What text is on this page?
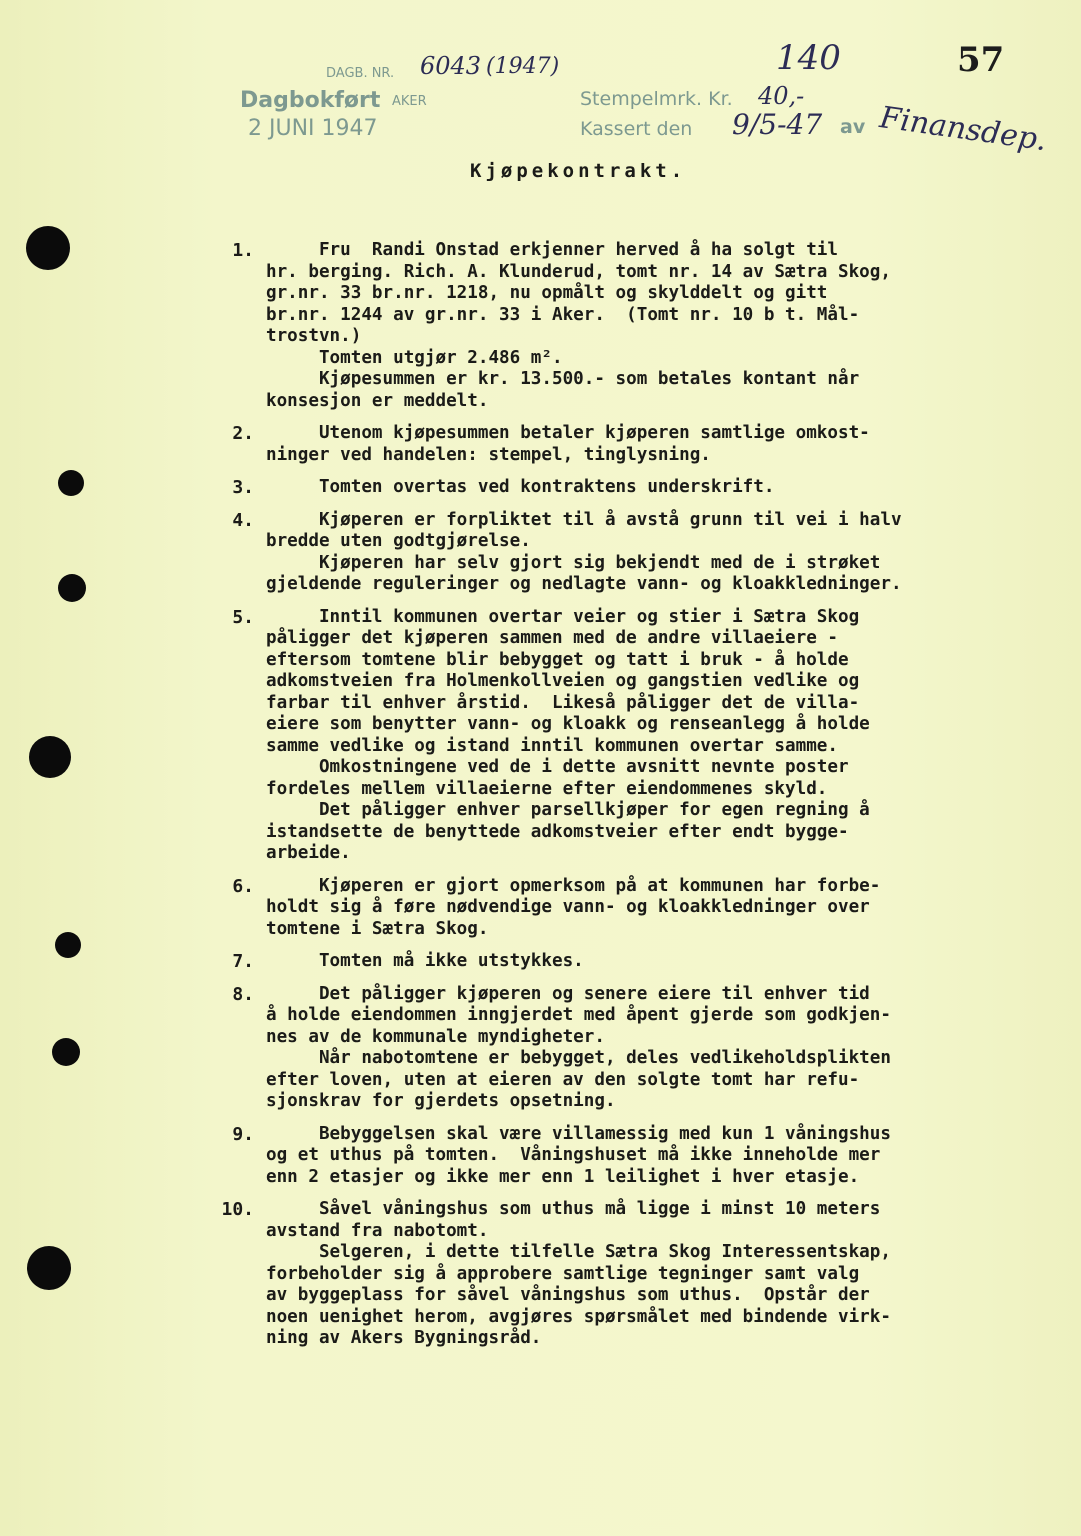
DAGB. NR. 6043 (1947)
Dagbokført AKER
2 JUNI 1947
Stempelmrk. Kr. 40,-
140
Kassert den 9/5-47 av Finansdep.
57
Kjøpekontrakt.
1. Fru  Randi Onstad erkjenner herved å ha solgt til
hr. berging. Rich. A. Klunderud, tomt nr. 14 av Sætra Skog,
gr.nr. 33 br.nr. 1218, nu opmålt og skylddelt og gitt
br.nr. 1244 av gr.nr. 33 i Aker.  (Tomt nr. 10 b t. Mål-
trostvn.)
Tomten utgjør 2.486 m².
Kjøpesummen er kr. 13.500.- som betales kontant når
konsesjon er meddelt.
2. Utenom kjøpesummen betaler kjøperen samtlige omkost-
ninger ved handelen: stempel, tinglysning.
3. Tomten overtas ved kontraktens underskrift.
4. Kjøperen er forpliktet til å avstå grunn til vei i halv
bredde uten godtgjørelse.
Kjøperen har selv gjort sig bekjendt med de i strøket
gjeldende reguleringer og nedlagte vann- og kloakkledninger.
5. Inntil kommunen overtar veier og stier i Sætra Skog
påligger det kjøperen sammen med de andre villaeiere -
eftersom tomtene blir bebygget og tatt i bruk - å holde
adkomstveien fra Holmenkollveien og gangstien vedlike og
farbar til enhver årstid.  Likeså påligger det de villa-
eiere som benytter vann- og kloakk og renseanlegg å holde
samme vedlike og istand inntil kommunen overtar samme.
Omkostningene ved de i dette avsnitt nevnte poster
fordeles mellem villaeierne efter eiendommenes skyld.
Det påligger enhver parsellkjøper for egen regning å
istandsette de benyttede adkomstveier efter endt bygge-
arbeide.
6. Kjøperen er gjort opmerksom på at kommunen har forbe-
holdt sig å føre nødvendige vann- og kloakkledninger over
tomtene i Sætra Skog.
7. Tomten må ikke utstykkes.
8. Det påligger kjøperen og senere eiere til enhver tid
å holde eiendommen inngjerdet med åpent gjerde som godkjen-
nes av de kommunale myndigheter.
Når nabotomtene er bebygget, deles vedlikeholdsplikten
efter loven, uten at eieren av den solgte tomt har refu-
sjonskrav for gjerdets opsetning.
9. Bebyggelsen skal være villamessig med kun 1 våningshus
og et uthus på tomten.  Våningshuset må ikke inneholde mer
enn 2 etasjer og ikke mer enn 1 leilighet i hver etasje.
10. Såvel våningshus som uthus må ligge i minst 10 meters
avstand fra nabotomt.
Selgeren, i dette tilfelle Sætra Skog Interessentskap,
forbeholder sig å approbere samtlige tegninger samt valg
av byggeplass for såvel våningshus som uthus.  Opstår der
noen uenighet herom, avgjøres spørsmålet med bindende virk-
ning av Akers Bygningsråd.
